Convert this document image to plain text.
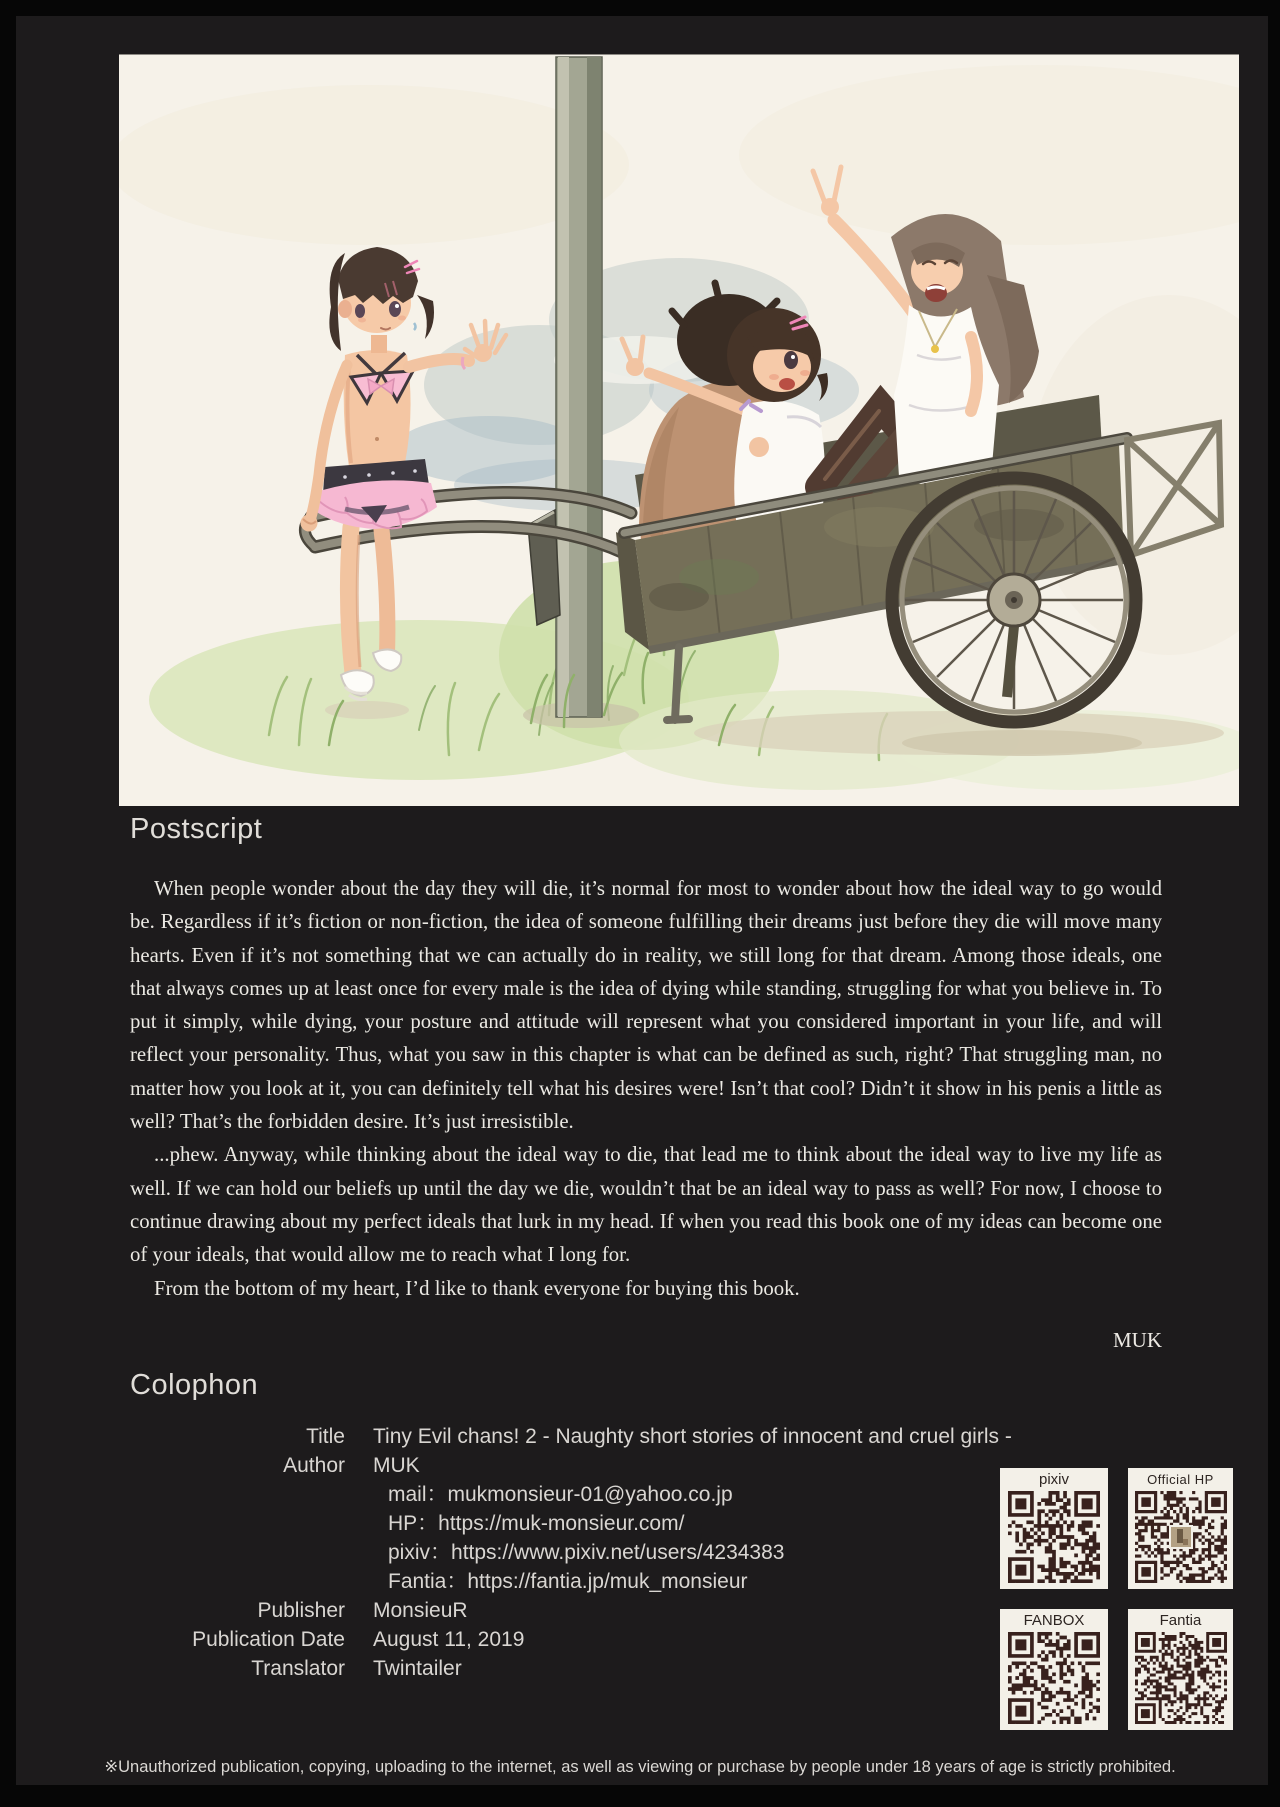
Postscript

When people wonder about the day they will die, it’s normal for most to wonder about how the ideal way to go would be. Regardless if it’s fiction or non-fiction, the idea of someone fulfilling their dreams just before they die will move many hearts. Even if it’s not something that we can actually do in reality, we still long for that dream. Among those ideals, one that always comes up at least once for every male is the idea of dying while standing, struggling for what you believe in. To put it simply, while dying, your posture and attitude will represent what you considered important in your life, and will reflect your personality. Thus, what you saw in this chapter is what can be defined as such, right? That struggling man, no matter how you look at it, you can definitely tell what his desires were! Isn’t that cool? Didn’t it show in his penis a little as well? That’s the forbidden desire. It’s just irresistible.

...phew. Anyway, while thinking about the ideal way to die, that lead me to think about the ideal way to live my life as well. If we can hold our beliefs up until the day we die, wouldn’t that be an ideal way to pass as well? For now, I choose to continue drawing about my perfect ideals that lurk in my head. If when you read this book one of my ideas can become one of your ideals, that would allow me to reach what I long for.

From the bottom of my heart, I’d like to thank everyone for buying this book.

MUK
Colophon
Title Tiny Evil chans! 2 - Naughty short stories of innocent and cruel girls -
Author MUK
mail：mukmonsieur-01@yahoo.co.jp
HP：https://muk-monsieur.com/
pixiv：https://www.pixiv.net/users/4234383
Fantia：https://fantia.jp/muk_monsieur
Publisher MonsieuR
Publication Date August 11, 2019
Translator Twintailer
pixiv	Official HP
FANBOX	Fantia
※Unauthorized publication, copying, uploading to the internet, as well as viewing or purchase by people under 18 years of age is strictly prohibited.
